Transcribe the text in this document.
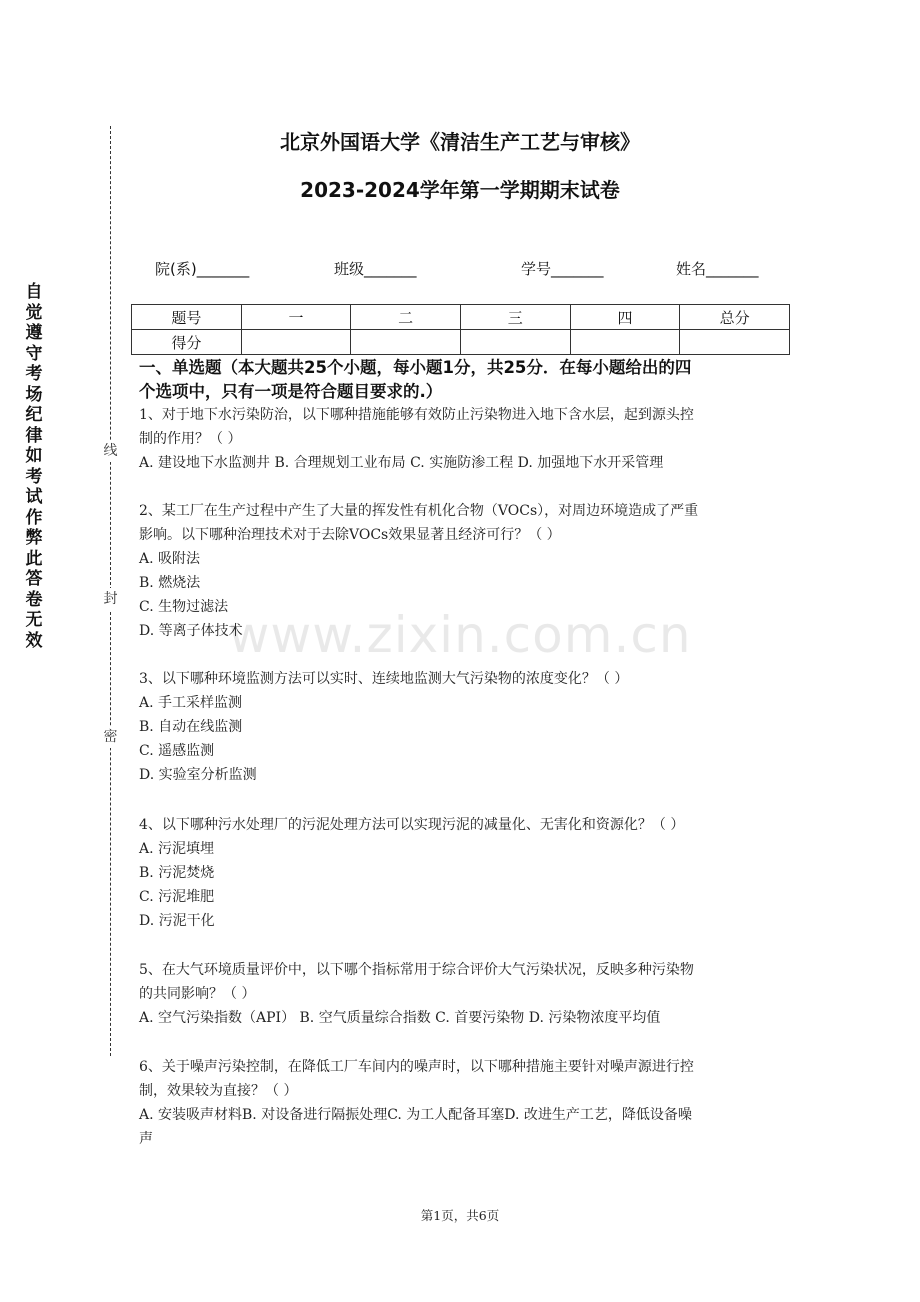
自觉遵守考场纪律如考试作弊此答卷无效
线
封
密
北京外国语大学《清洁生产工艺与审核》
2023-2024学年第一学期期末试卷
院(系)_______	班级_______	学号_______	姓名_______
题号	一	二	三	四	总分
得分					
一、单选题（本大题共25个小题，每小题1分，共25分．在每小题给出的四
个选项中，只有一项是符合题目要求的.）
1、对于地下水污染防治，以下哪种措施能够有效防止污染物进入地下含水层，起到源头控
制的作用？（ ）
A. 建设地下水监测井 B. 合理规划工业布局 C. 实施防渗工程 D. 加强地下水开采管理
2、某工厂在生产过程中产生了大量的挥发性有机化合物（VOCs），对周边环境造成了严重
影响。以下哪种治理技术对于去除VOCs效果显著且经济可行？（ ）
A. 吸附法
B. 燃烧法
C. 生物过滤法
D. 等离子体技术
3、以下哪种环境监测方法可以实时、连续地监测大气污染物的浓度变化？（ ）
A. 手工采样监测
B. 自动在线监测
C. 遥感监测
D. 实验室分析监测
4、以下哪种污水处理厂的污泥处理方法可以实现污泥的减量化、无害化和资源化？（ ）
A. 污泥填埋
B. 污泥焚烧
C. 污泥堆肥
D. 污泥干化
5、在大气环境质量评价中，以下哪个指标常用于综合评价大气污染状况，反映多种污染物
的共同影响？（ ）
A. 空气污染指数（API） B. 空气质量综合指数 C. 首要污染物 D. 污染物浓度平均值
6、关于噪声污染控制，在降低工厂车间内的噪声时，以下哪种措施主要针对噪声源进行控
制，效果较为直接？（ ）
A. 安装吸声材料B. 对设备进行隔振处理C. 为工人配备耳塞D. 改进生产工艺，降低设备噪
声
www.zixin.com.cn
第1页，共6页
